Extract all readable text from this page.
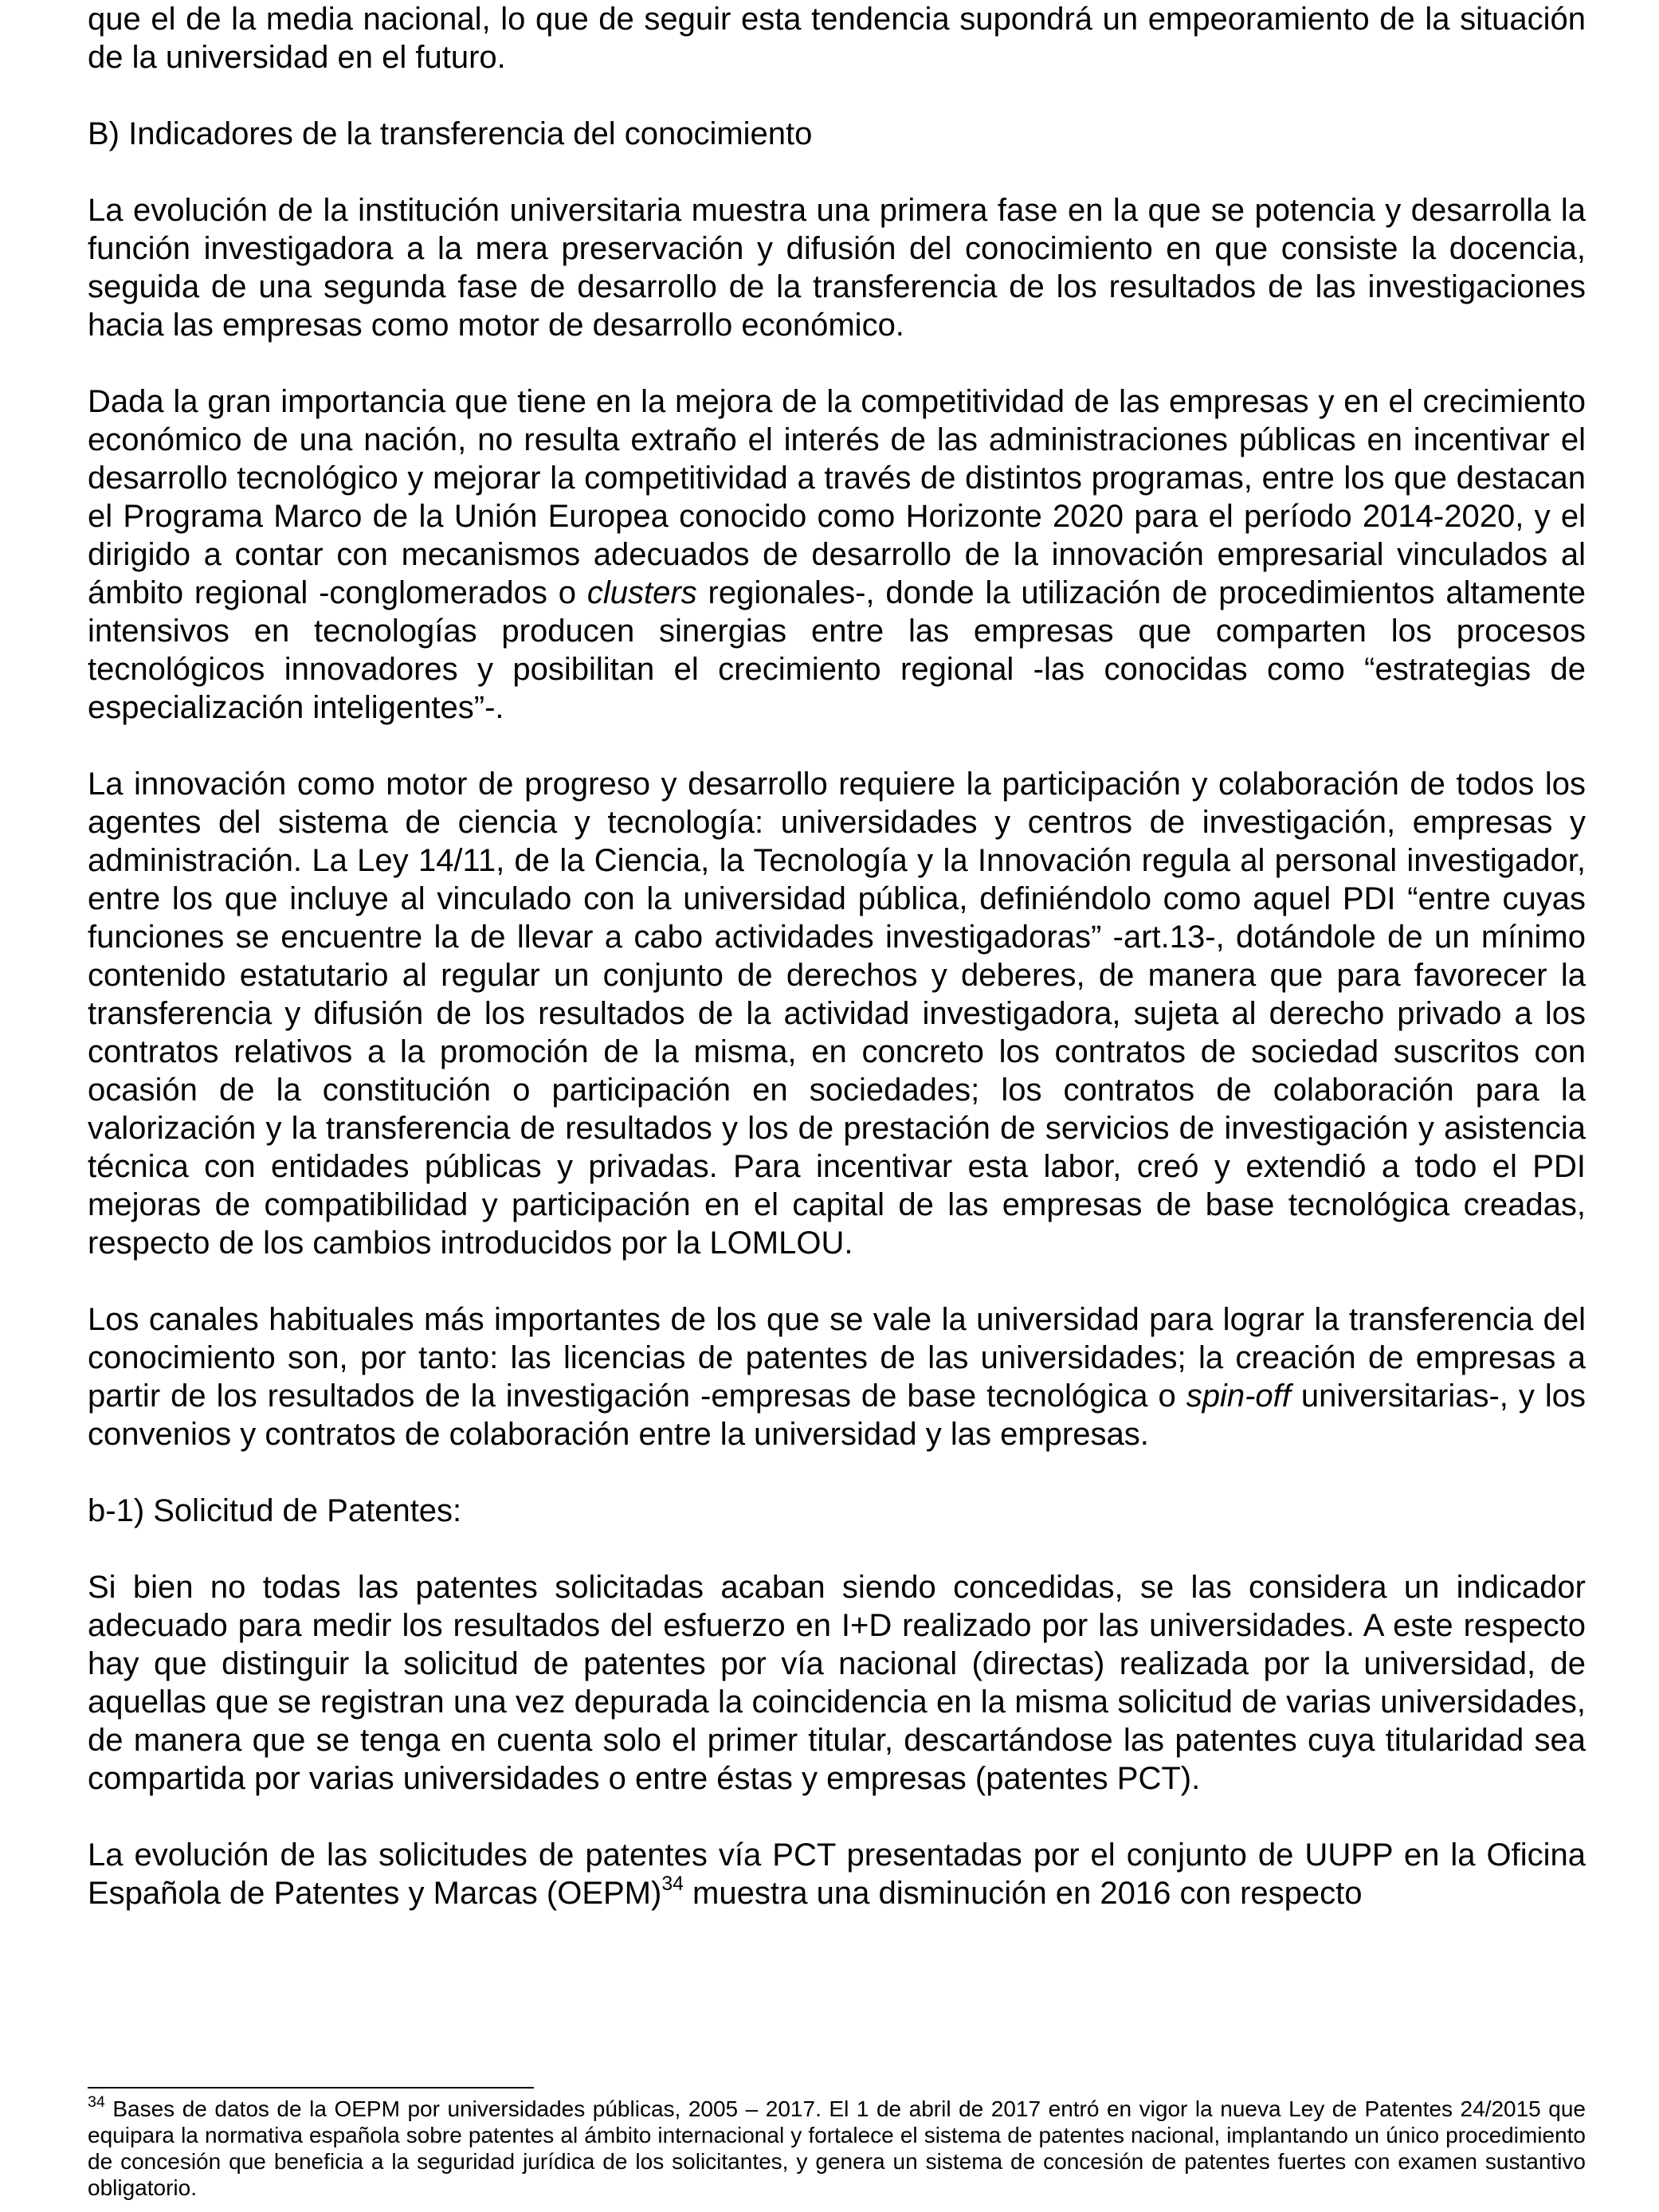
que el de la media nacional, lo que de seguir esta tendencia supondrá un empeoramiento de la situación de la universidad en el futuro.

B) Indicadores de la transferencia del conocimiento

La evolución de la institución universitaria muestra una primera fase en la que se potencia y desarrolla la función investigadora a la mera preservación y difusión del conocimiento en que consiste la docencia, seguida de una segunda fase de desarrollo de la transferencia de los resultados de las investigaciones hacia las empresas como motor de desarrollo económico.

Dada la gran importancia que tiene en la mejora de la competitividad de las empresas y en el crecimiento económico de una nación, no resulta extraño el interés de las administraciones públicas en incentivar el desarrollo tecnológico y mejorar la competitividad a través de distintos programas, entre los que destacan el Programa Marco de la Unión Europea conocido como Horizonte 2020 para el período 2014-2020, y el dirigido a contar con mecanismos adecuados de desarrollo de la innovación empresarial vinculados al ámbito regional -conglomerados o clusters regionales-, donde la utilización de procedimientos altamente intensivos en tecnologías producen sinergias entre las empresas que comparten los procesos tecnológicos innovadores y posibilitan el crecimiento regional -las conocidas como “estrategias de especialización inteligentes”-.

La innovación como motor de progreso y desarrollo requiere la participación y colaboración de todos los agentes del sistema de ciencia y tecnología: universidades y centros de investigación, empresas y administración. La Ley 14/11, de la Ciencia, la Tecnología y la Innovación regula al personal investigador, entre los que incluye al vinculado con la universidad pública, definiéndolo como aquel PDI “entre cuyas funciones se encuentre la de llevar a cabo actividades investigadoras” -art.13-, dotándole de un mínimo contenido estatutario al regular un conjunto de derechos y deberes, de manera que para favorecer la transferencia y difusión de los resultados de la actividad investigadora, sujeta al derecho privado a los contratos relativos a la promoción de la misma, en concreto los contratos de sociedad suscritos con ocasión de la constitución o participación en sociedades; los contratos de colaboración para la valorización y la transferencia de resultados y los de prestación de servicios de investigación y asistencia técnica con entidades públicas y privadas. Para incentivar esta labor, creó y extendió a todo el PDI mejoras de compatibilidad y participación en el capital de las empresas de base tecnológica creadas, respecto de los cambios introducidos por la LOMLOU.

Los canales habituales más importantes de los que se vale la universidad para lograr la transferencia del conocimiento son, por tanto: las licencias de patentes de las universidades; la creación de empresas a partir de los resultados de la investigación -empresas de base tecnológica o spin-off universitarias-, y los convenios y contratos de colaboración entre la universidad y las empresas.

b-1) Solicitud de Patentes:

Si bien no todas las patentes solicitadas acaban siendo concedidas, se las considera un indicador adecuado para medir los resultados del esfuerzo en I+D realizado por las universidades. A este respecto hay que distinguir la solicitud de patentes por vía nacional (directas) realizada por la universidad, de aquellas que se registran una vez depurada la coincidencia en la misma solicitud de varias universidades, de manera que se tenga en cuenta solo el primer titular, descartándose las patentes cuya titularidad sea compartida por varias universidades o entre éstas y empresas (patentes PCT).

La evolución de las solicitudes de patentes vía PCT presentadas por el conjunto de UUPP en la Oficina Española de Patentes y Marcas (OEPM)$^{34}$ muestra una disminución en 2016 con respecto

$^{34}$ Bases de datos de la OEPM por universidades públicas, 2005 – 2017. El 1 de abril de 2017 entró en vigor la nueva Ley de Patentes 24/2015 que equipara la normativa española sobre patentes al ámbito internacional y fortalece el sistema de patentes nacional, implantando un único procedimiento de concesión que beneficia a la seguridad jurídica de los solicitantes, y genera un sistema de concesión de patentes fuertes con examen sustantivo obligatorio.
